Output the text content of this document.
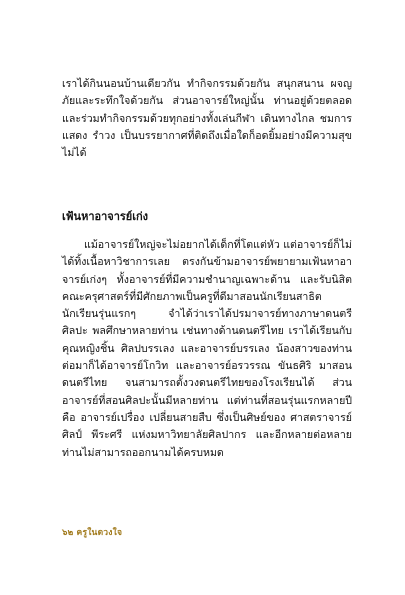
เราได้กินนอนบ้านเดียวกัน ทำกิจกรรมด้วยกัน สนุกสนาน ผจญภัยและระทึกใจด้วยกัน ส่วนอาจารย์ใหญ่นั้น ท่านอยู่ด้วยตลอดและร่วมทำกิจกรรมด้วยทุกอย่างทั้งเล่นกีฬา เดินทางไกล ชมการแสดง รำวง เป็นบรรยากาศที่ติดถึงเมื่อใดก็อดยิ้มอย่างมีความสุขไม่ได้
เฟ้นหาอาจารย์เก่ง
แม้อาจารย์ใหญ่จะไม่อยากได้เด็กที่โตแต่หัว แต่อาจารย์ก็ไม่ได้ทิ้งเนื้อหาวิชาการเลย ตรงกันข้ามอาจารย์พยายามเฟ้นหาอาจารย์เก่งๆ ทั้งอาจารย์ที่มีความชำนาญเฉพาะด้าน และรับนิสิตคณะครุศาสตร์ที่มีศักยภาพเป็นครูที่ดีมาสอนนักเรียนสาธิต นักเรียนรุ่นแรกๆ จำได้ว่าเราได้ปรมาจารย์ทางภาษาดนตรี ศิลปะ พลศึกษาหลายท่าน เช่นทางด้านดนตรีไทย เราได้เรียนกับคุณหญิงชิ้น ศิลปบรรเลง และอาจารย์บรรเลง น้องสาวของท่าน ต่อมาก็ได้อาจารย์โกวิท และอาจารย์อรวรรณ ขันธศิริ มาสอนดนตรีไทย จนสามารถตั้งวงดนตรีไทยของโรงเรียนได้ ส่วนอาจารย์ที่สอนศิลปะนั้นมีหลายท่าน แต่ท่านที่สอนรุ่นแรกหลายปีคือ อาจารย์เปรื่อง เปลี่ยนสายสืบ ซึ่งเป็นศิษย์ของ ศาสตราจารย์ศิลป์ พีระศรี แห่งมหาวิทยาลัยศิลปากร และอีกหลายต่อหลายท่านไม่สามารถออกนามได้ครบหมด
๖๒ ครูในดวงใจ
